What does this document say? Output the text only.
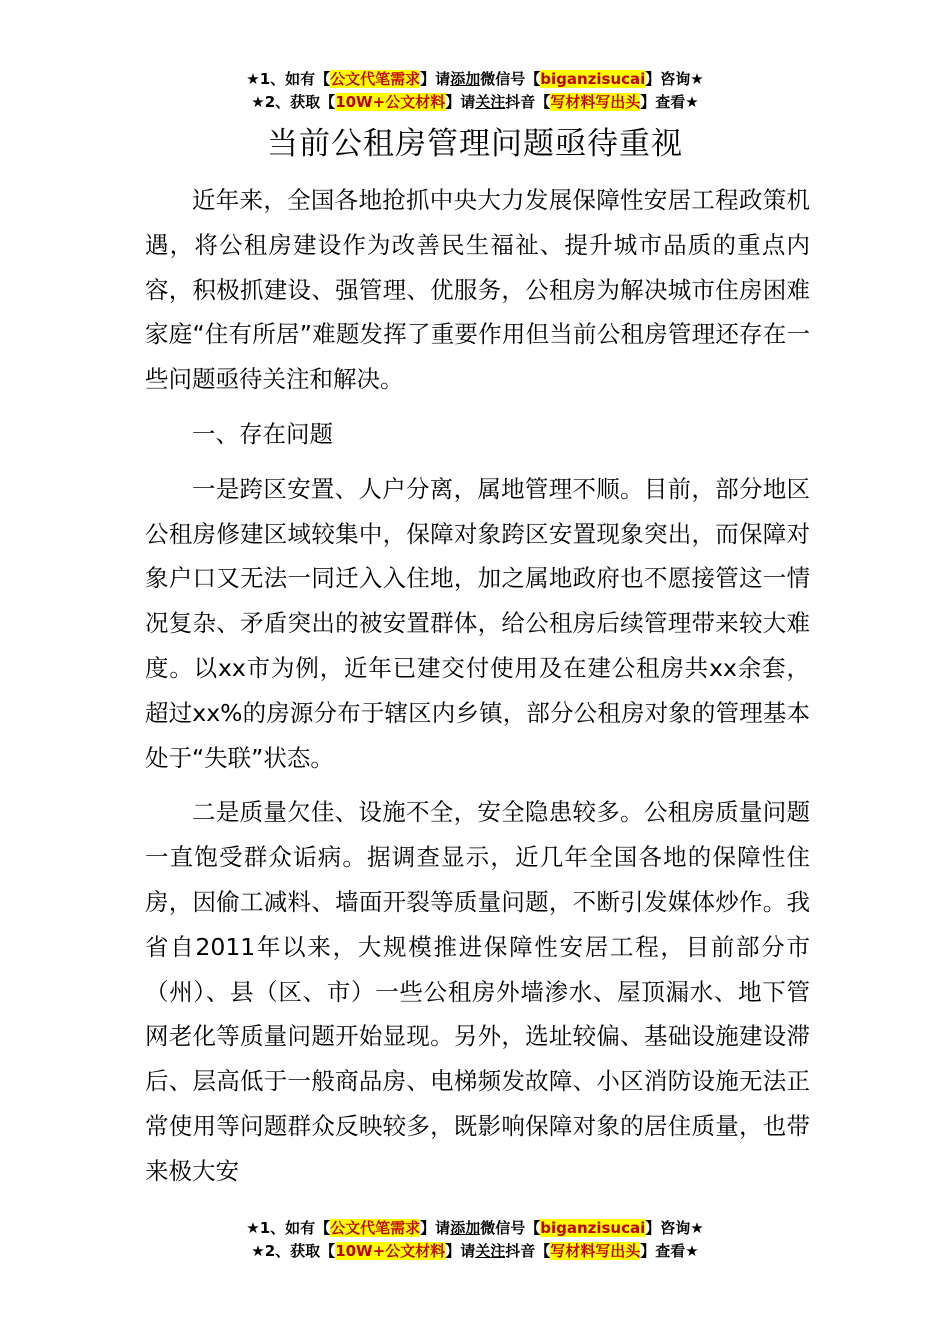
★1、如有【公文代笔需求】请添加微信号【biganzisucai】咨询★
★2、获取【10W+公文材料】请关注抖音【写材料写出头】查看★
当前公租房管理问题亟待重视

近年来，全国各地抢抓中央大力发展保障性安居工程政策机遇，将公租房建设作为改善民生福祉、提升城市品质的重点内容，积极抓建设、强管理、优服务，公租房为解决城市住房困难家庭“住有所居”难题发挥了重要作用但当前公租房管理还存在一些问题亟待关注和解决。

一、存在问题

一是跨区安置、人户分离，属地管理不顺。目前，部分地区公租房修建区域较集中，保障对象跨区安置现象突出，而保障对象户口又无法一同迁入入住地，加之属地政府也不愿接管这一情况复杂、矛盾突出的被安置群体，给公租房后续管理带来较大难度。以xx市为例，近年已建交付使用及在建公租房共xx余套，超过xx%的房源分布于辖区内乡镇，部分公租房对象的管理基本处于“失联”状态。

二是质量欠佳、设施不全，安全隐患较多。公租房质量问题一直饱受群众诟病。据调查显示，近几年全国各地的保障性住房，因偷工减料、墙面开裂等质量问题，不断引发媒体炒作。我省自2011年以来，大规模推进保障性安居工程，目前部分市（州）、县（区、市）一些公租房外墙渗水、屋顶漏水、地下管网老化等质量问题开始显现。另外，选址较偏、基础设施建设滞后、层高低于一般商品房、电梯频发故障、小区消防设施无法正常使用等问题群众反映较多，既影响保障对象的居住质量，也带来极大安

★1、如有【公文代笔需求】请添加微信号【biganzisucai】咨询★
★2、获取【10W+公文材料】请关注抖音【写材料写出头】查看★
